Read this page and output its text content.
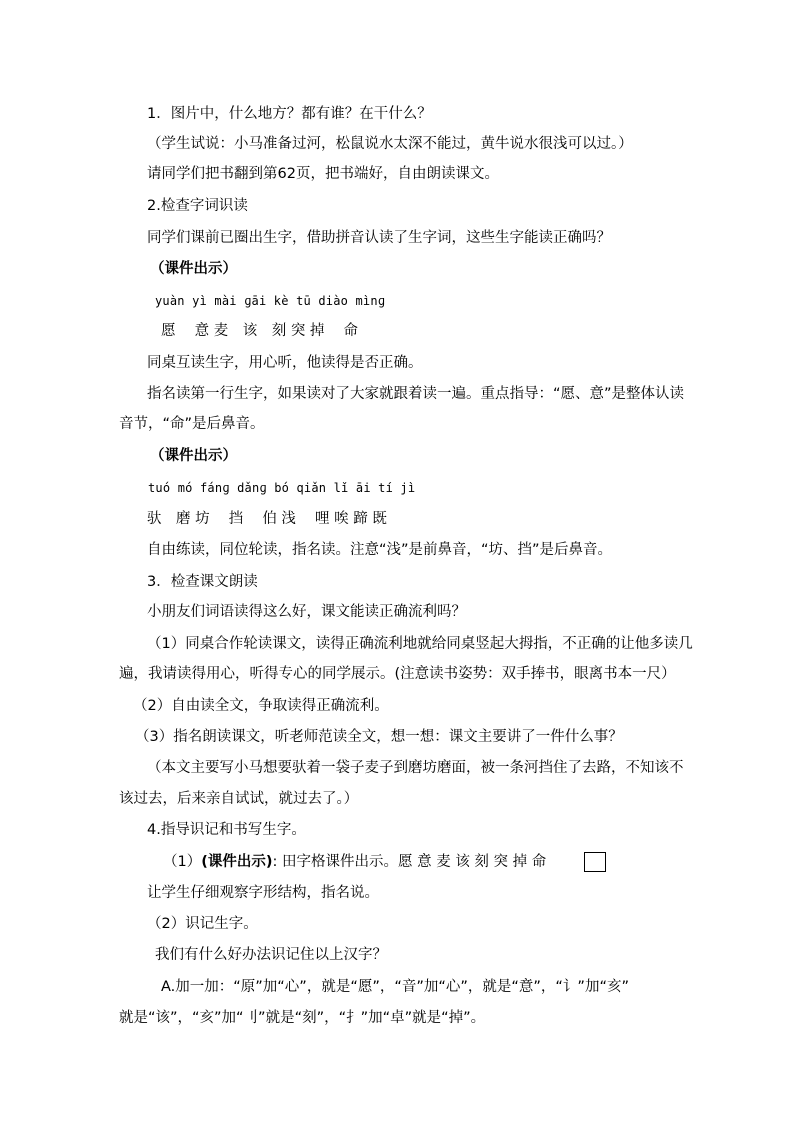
1．图片中，什么地方？都有谁？在干什么？
（学生试说：小马准备过河，松鼠说水太深不能过，黄牛说水很浅可以过。）
请同学们把书翻到第62页，把书端好，自由朗读课文。
2.检查字词识读
同学们课前已圈出生字，借助拼音认读了生字词，这些生字能读正确吗？
（课件出示）
yuàn yì mài ɡāi kè tū diào mìnɡ
愿　 意 麦　该　刻 突 掉　 命
同桌互读生字，用心听，他读得是否正确。
指名读第一行生字，如果读对了大家就跟着读一遍。重点指导：“愿、意”是整体认读
音节，“命”是后鼻音。
（课件出示）
tuó mó fánɡ dǎnɡ bó qiǎn lǐ āi tí jì
驮　磨 坊　 挡　 伯 浅　 哩 唉 蹄 既
自由练读，同位轮读，指名读。注意“浅”是前鼻音，“坊、挡”是后鼻音。
3．检查课文朗读
小朋友们词语读得这么好，课文能读正确流利吗？
（1）同桌合作轮读课文，读得正确流利地就给同桌竖起大拇指，不正确的让他多读几
遍，我请读得用心，听得专心的同学展示。(注意读书姿势：双手捧书，眼离书本一尺）
（2）自由读全文，争取读得正确流利。
（3）指名朗读课文，听老师范读全文，想一想：课文主要讲了一件什么事？
（本文主要写小马想要驮着一袋子麦子到磨坊磨面，被一条河挡住了去路，不知该不
该过去，后来亲自试试，就过去了。）
4.指导识记和书写生字。
（1）(课件出示): 田字格课件出示。愿 意 麦 该 刻 突 掉 命
让学生仔细观察字形结构，指名说。
（2）识记生字。
我们有什么好办法识记住以上汉字？
A.加一加：“原”加“心”，就是“愿”，“音”加“心”，就是“意”，“讠”加“亥”
就是“该”，“亥”加“刂”就是“刻”，“扌”加“卓”就是“掉”。
